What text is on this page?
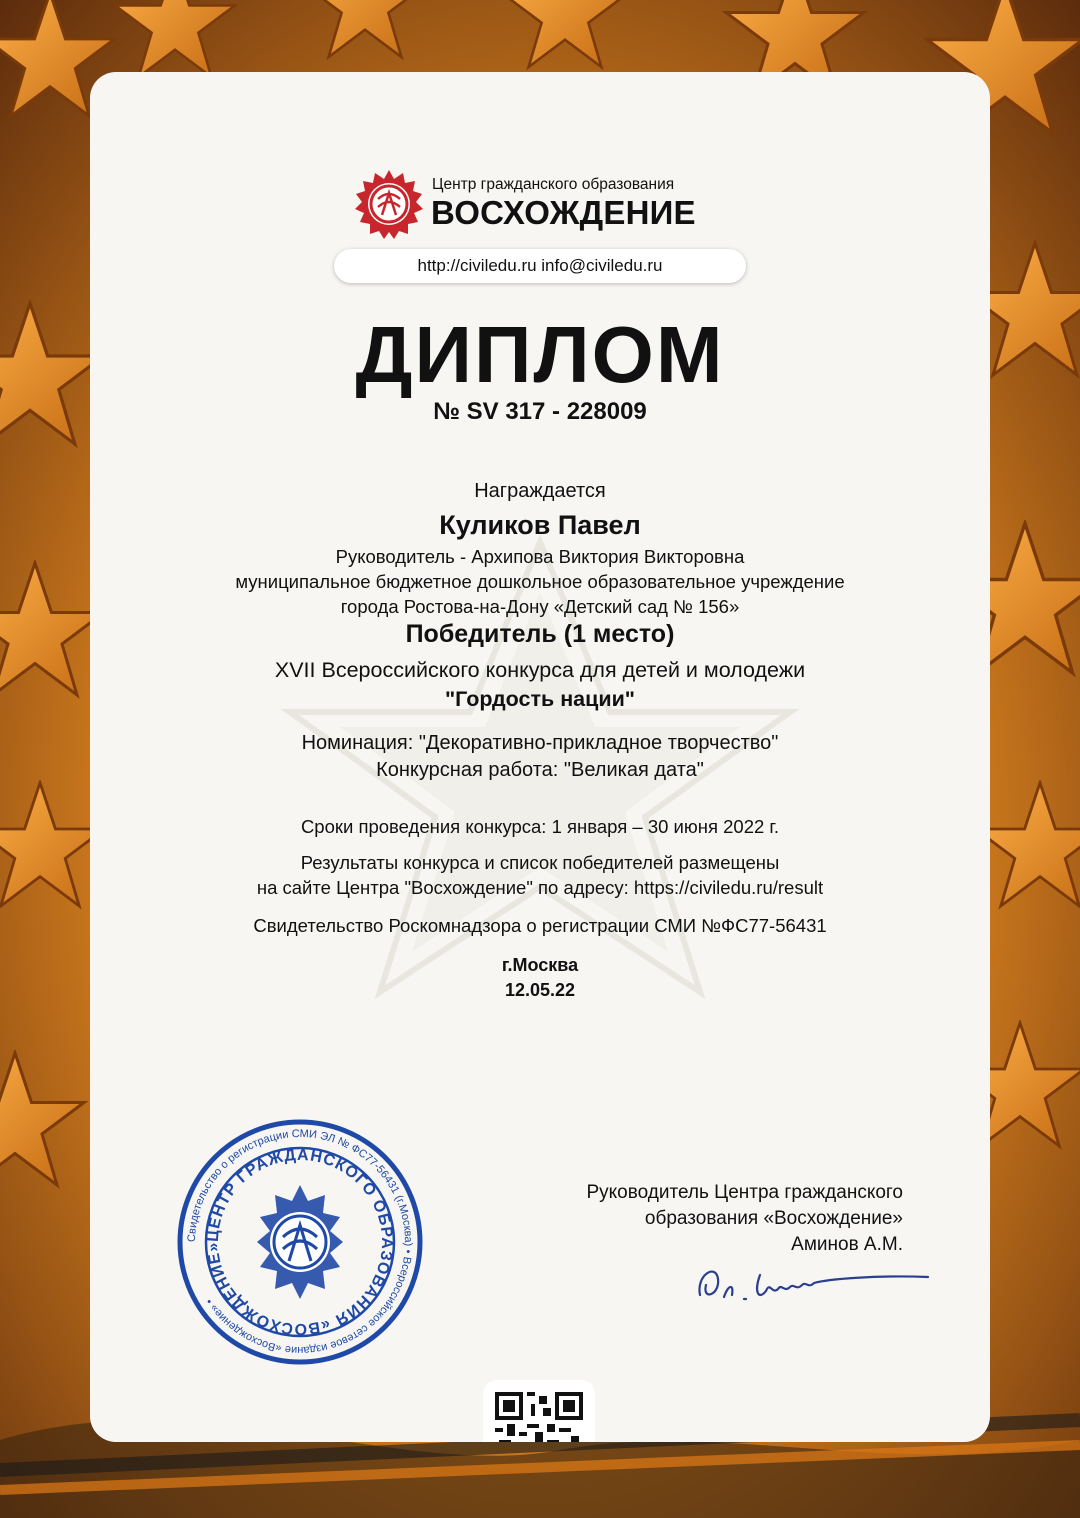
Центр гражданского образования
ВОСХОЖДЕНИЕ
http://civiledu.ru info@civiledu.ru
ДИПЛОМ
№ SV 317 - 228009
Награждается
Куликов Павел
Руководитель - Архипова Виктория Викторовна
муниципальное бюджетное дошкольное образовательное учреждение
города Ростова-на-Дону «Детский сад № 156»
Победитель (1 место)
XVII Всероссийского конкурса для детей и молодежи
"Гордость нации"
Номинация: "Декоративно-прикладное творчество"
Конкурсная работа: "Великая дата"
Сроки проведения конкурса: 1 января – 30 июня 2022 г.
Результаты конкурса и список победителей размещены
на сайте Центра "Восхождение" по адресу: https://civiledu.ru/result
Свидетельство Роскомнадзора о регистрации СМИ №ФС77-56431
г.Москва
12.05.22
Свидетельство о регистрации СМИ ЭЛ № ФС77-56431 (г.Москва) • Всероссийское сетевое издание «Восхождение» •
ЦЕНТР ГРАЖДАНСКОГО ОБРАЗОВАНИЯ «ВОСХОЖДЕНИЕ»
Руководитель Центра гражданского
образования «Восхождение»
Аминов А.М.
